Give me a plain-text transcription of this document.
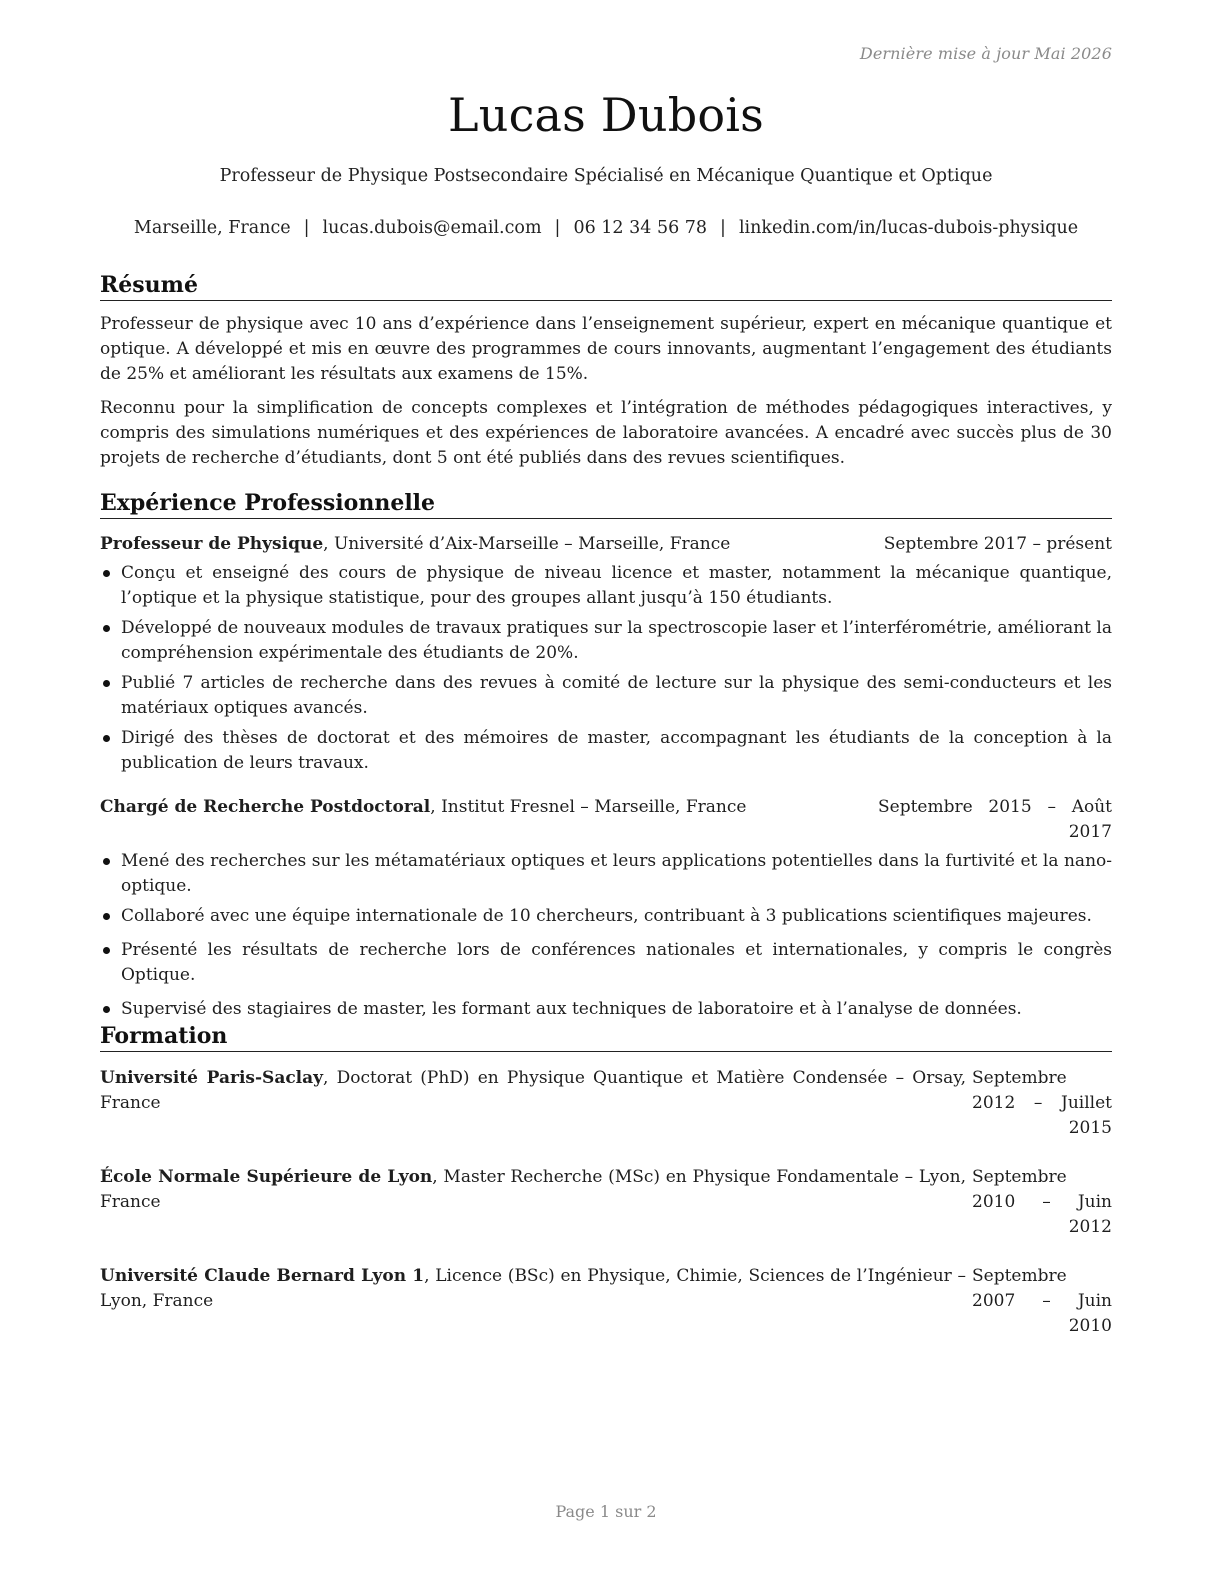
Dernière mise à jour Mai 2026
Lucas Dubois
Professeur de Physique Postsecondaire Spécialisé en Mécanique Quantique et Optique
Marseille, France | lucas.dubois@email.com | 06 12 34 56 78 | linkedin.com/in/lucas-dubois-physique
Résumé

Professeur de physique avec 10 ans d’expérience dans l’enseignement supérieur, expert en mécanique quantique et optique. A développé et mis en œuvre des programmes de cours innovants, augmentant l’engagement des étudiants de 25% et améliorant les résultats aux examens de 15%.

Reconnu pour la simplification de concepts complexes et l’intégration de méthodes pédagogiques interactives, y compris des simulations numériques et des expériences de laboratoire avancées. A encadré avec succès plus de 30 projets de recherche d’étudiants, dont 5 ont été publiés dans des revues scientifiques.

Expérience Professionnelle
Professeur de Physique, Université d’Aix-Marseille – Marseille, France	Septembre 2017 – présent
Conçu et enseigné des cours de physique de niveau licence et master, notamment la mécanique quantique, l’optique et la physique statistique, pour des groupes allant jusqu’à 150 étudiants.
Développé de nouveaux modules de travaux pratiques sur la spectroscopie laser et l’interférométrie, améliorant la compréhension expérimentale des étudiants de 20%.
Publié 7 articles de recherche dans des revues à comité de lecture sur la physique des semi-conducteurs et les matériaux optiques avancés.
Dirigé des thèses de doctorat et des mémoires de master, accompagnant les étudiants de la conception à la publication de leurs travaux.
Chargé de Recherche Postdoctoral, Institut Fresnel – Marseille, France	Septembre 2015 – Août 2017
Mené des recherches sur les métamatériaux optiques et leurs applications potentielles dans la furtivité et la nano-optique.
Collaboré avec une équipe internationale de 10 chercheurs, contribuant à 3 publications scientifiques majeures.
Présenté les résultats de recherche lors de conférences nationales et internationales, y compris le congrès Optique.
Supervisé des stagiaires de master, les formant aux techniques de laboratoire et à l’analyse de données.
Formation
Université Paris-Saclay, Doctorat (PhD) en Physique Quantique et Matière Condensée – Orsay, France
Septembre 2012 – Juillet 2015
École Normale Supérieure de Lyon, Master Recherche (MSc) en Physique Fondamentale – Lyon, France
Septembre 2010 – Juin 2012
Université Claude Bernard Lyon 1, Licence (BSc) en Physique, Chimie, Sciences de l’Ingénieur – Lyon, France
Septembre 2007 – Juin 2010
Page 1 sur 2
